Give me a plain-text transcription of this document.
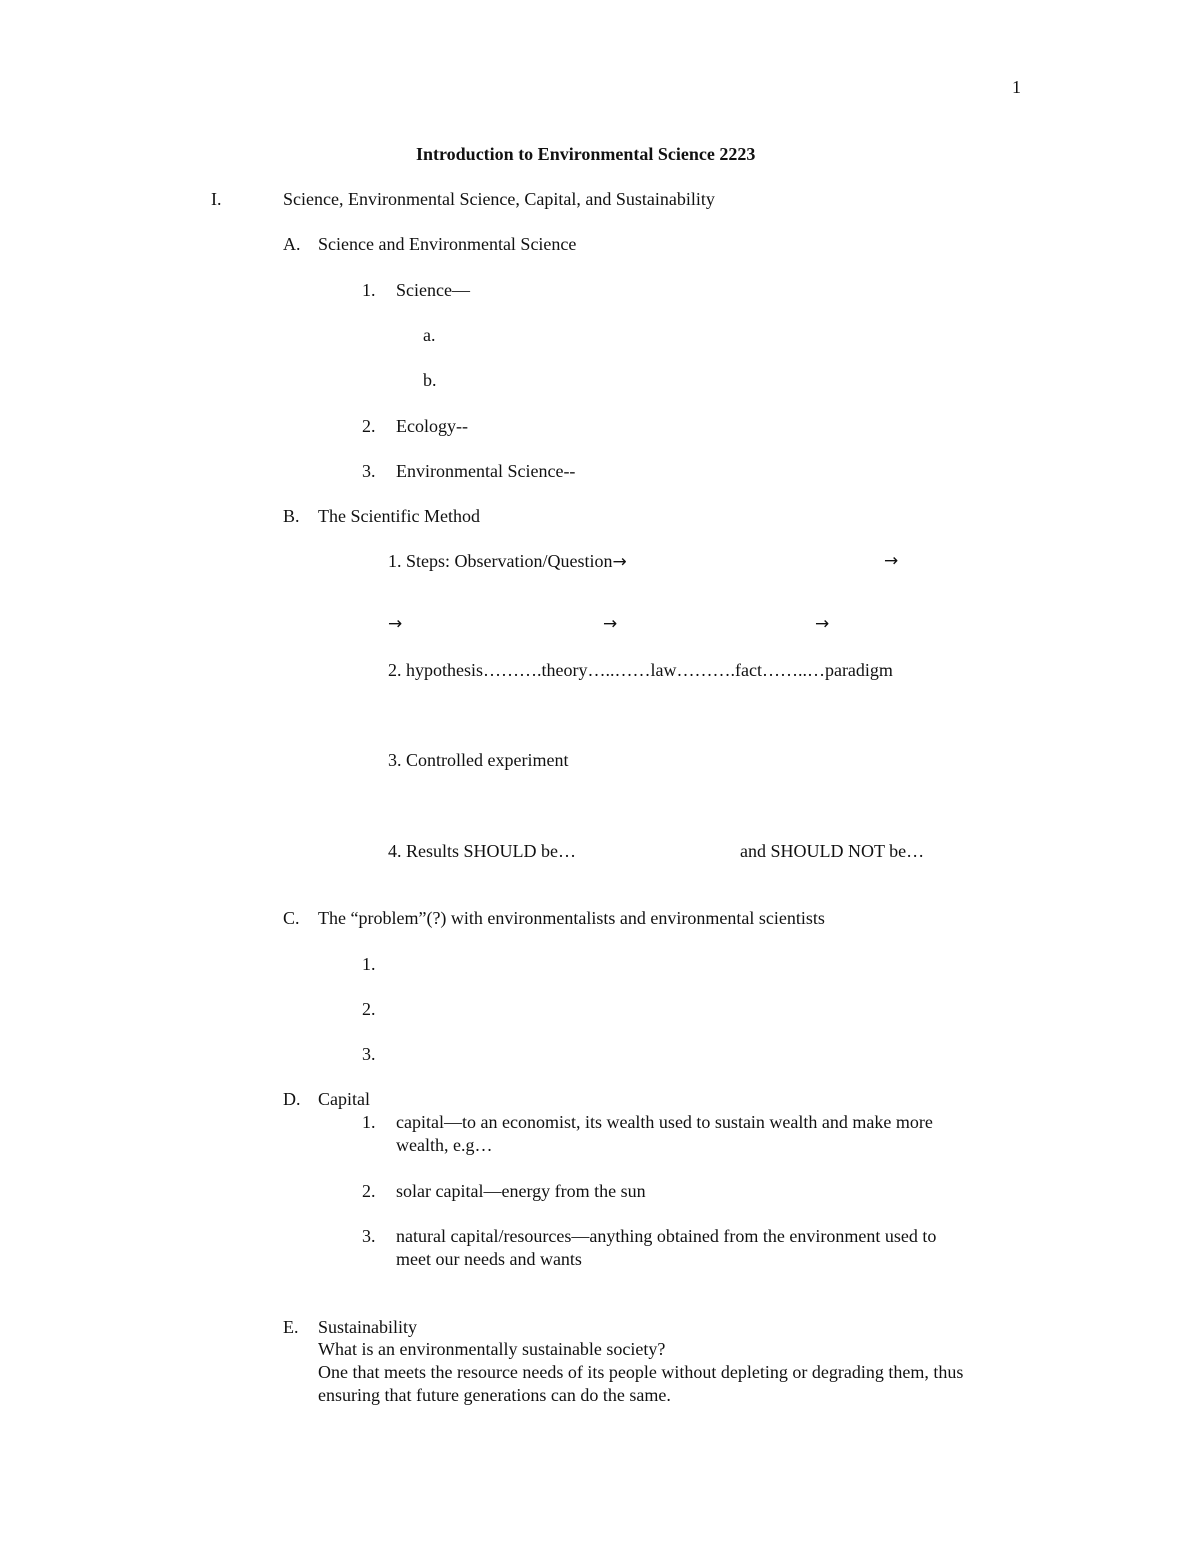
1
Introduction to Environmental Science 2223
I.	Science, Environmental Science, Capital, and Sustainability
A. Science and Environmental Science
1. Science—
a.
b.
2. Ecology--
3. Environmental Science--
B. The Scientific Method
1. Steps: Observation/Question→	→
→	→	→
2. hypothesis……….theory…..……law……….fact……..…paradigm
3. Controlled experiment
4. Results SHOULD be…	and SHOULD NOT be…
C. The “problem”(?) with environmentalists and environmental scientists
1.
2.
3.
D. Capital
1. capital—to an economist, its wealth used to sustain wealth and make more
wealth, e.g…
2. solar capital—energy from the sun
3. natural capital/resources—anything obtained from the environment used to
meet our needs and wants
E. Sustainability
What is an environmentally sustainable society?
One that meets the resource needs of its people without depleting or degrading them, thus
ensuring that future generations can do the same.
